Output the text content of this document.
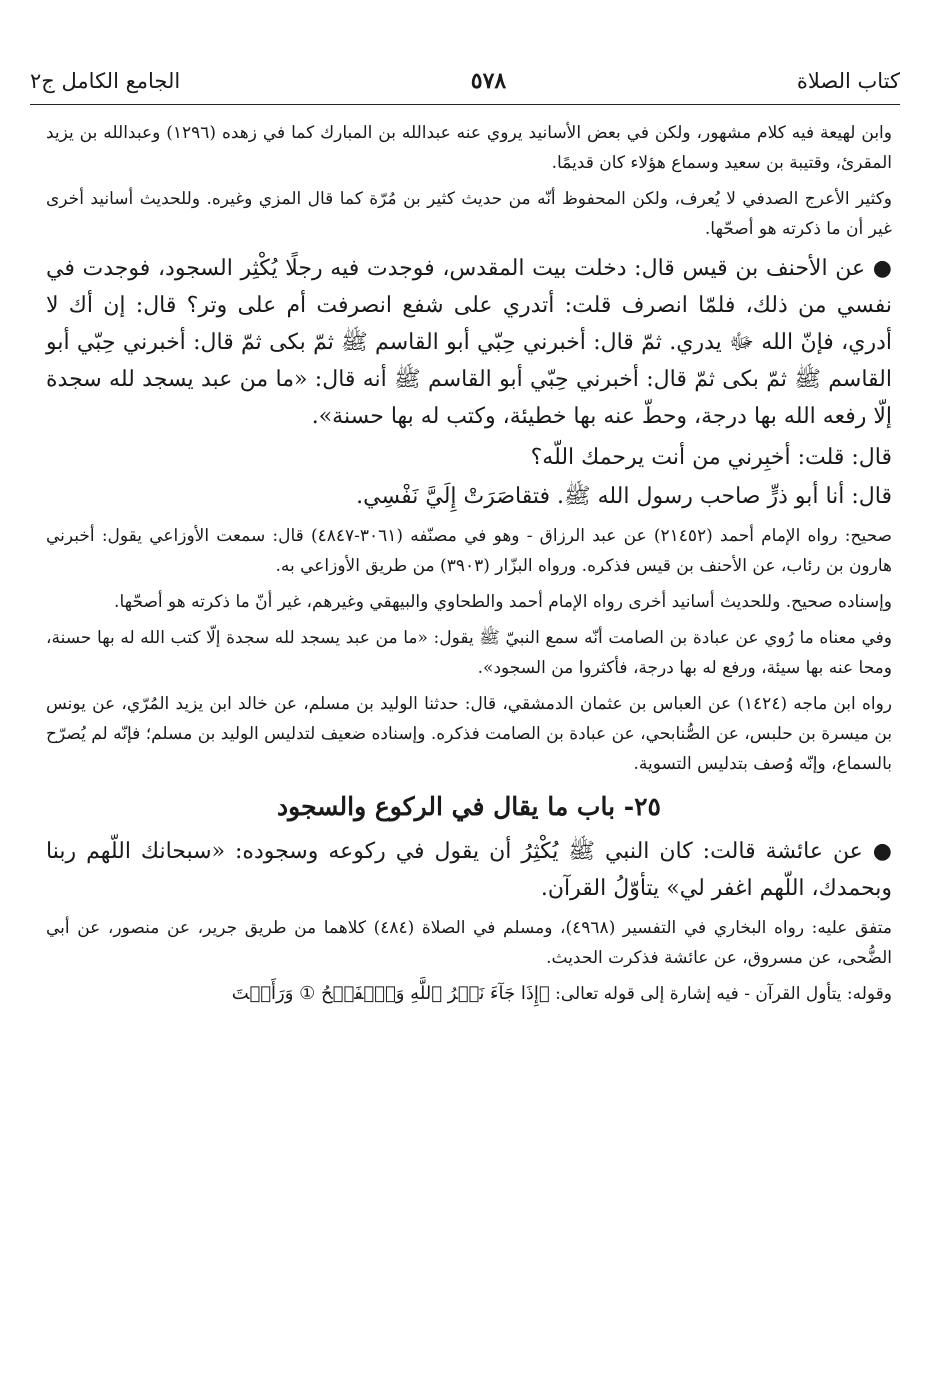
كتاب الصلاة
٥٧٨
الجامع الكامل ج٢

وابن لهيعة فيه كلام مشهور، ولكن في بعض الأسانيد يروي عنه عبدالله بن المبارك كما في زهده (١٢٩٦) وعبدالله بن يزيد المقرئ، وقتيبة بن سعيد وسماع هؤلاء كان قديمًا.

وكثير الأعرج الصدفي لا يُعرف، ولكن المحفوظ أنّه من حديث كثير بن مُرّة كما قال المزي وغيره. وللحديث أسانيد أخرى غير أن ما ذكرته هو أصحّها.

● عن الأحنف بن قيس قال: دخلت بيت المقدس، فوجدت فيه رجلًا يُكْثِر السجود، فوجدت في نفسي من ذلك، فلمّا انصرف قلت: أتدري على شفع انصرفت أم على وتر؟ قال: إن أك لا أدري، فإنّ الله ﷻ يدري. ثمّ قال: أخبرني حِبّي أبو القاسم ﷺ ثمّ بكى ثمّ قال: أخبرني حِبّي أبو القاسم ﷺ ثمّ بكى ثمّ قال: أخبرني حِبّي أبو القاسم ﷺ أنه قال: «ما من عبد يسجد لله سجدة إلّا رفعه الله بها درجة، وحطّ عنه بها خطيئة، وكتب له بها حسنة».

قال: قلت: أخبِرني من أنت يرحمك اللّه؟

قال: أنا أبو ذرٍّ صاحب رسول الله ﷺ. فتقاصَرَتْ إِلَيَّ نَفْسِي.

صحيح: رواه الإمام أحمد (٢١٤٥٢) عن عبد الرزاق - وهو في مصنّفه (٣٠٦١-٤٨٤٧) قال: سمعت الأوزاعي يقول: أخبرني هارون بن رئاب، عن الأحنف بن قيس فذكره. ورواه البزّار (٣٩٠٣) من طريق الأوزاعي به.

وإسناده صحيح. وللحديث أسانيد أخرى رواه الإمام أحمد والطحاوي والبيهقي وغيرهم، غير أنّ ما ذكرته هو أصحّها.

وفي معناه ما رُوي عن عبادة بن الصامت أنّه سمع النبيّ ﷺ يقول: «ما من عبد يسجد لله سجدة إلّا كتب الله له بها حسنة، ومحا عنه بها سيئة، ورفع له بها درجة، فأكثروا من السجود».

رواه ابن ماجه (١٤٢٤) عن العباس بن عثمان الدمشقي، قال: حدثنا الوليد بن مسلم، عن خالد ابن يزيد المُرّي، عن يونس بن ميسرة بن حلبس، عن الصُّنابحي، عن عبادة بن الصامت فذكره. وإسناده ضعيف لتدليس الوليد بن مسلم؛ فإنّه لم يُصرّح بالسماع، وإنّه وُصف بتدليس التسوية.

٢٥- باب ما يقال في الركوع والسجود

● عن عائشة قالت: كان النبي ﷺ يُكْثِرُ أن يقول في ركوعه وسجوده: «سبحانك اللّهم ربنا وبحمدك، اللّهم اغفر لي» يتأوّلُ القرآن.

متفق عليه: رواه البخاري في التفسير (٤٩٦٨)، ومسلم في الصلاة (٤٨٤) كلاهما من طريق جرير، عن منصور، عن أبي الضُّحى، عن مسروق، عن عائشة فذكرت الحديث.

وقوله: يتأول القرآن - فيه إشارة إلى قوله تعالى: ﴿إِذَا جَآءَ نَصۡرُ ٱللَّهِ وَٱلۡفَتۡحُ ① وَرَأَيۡتَ
